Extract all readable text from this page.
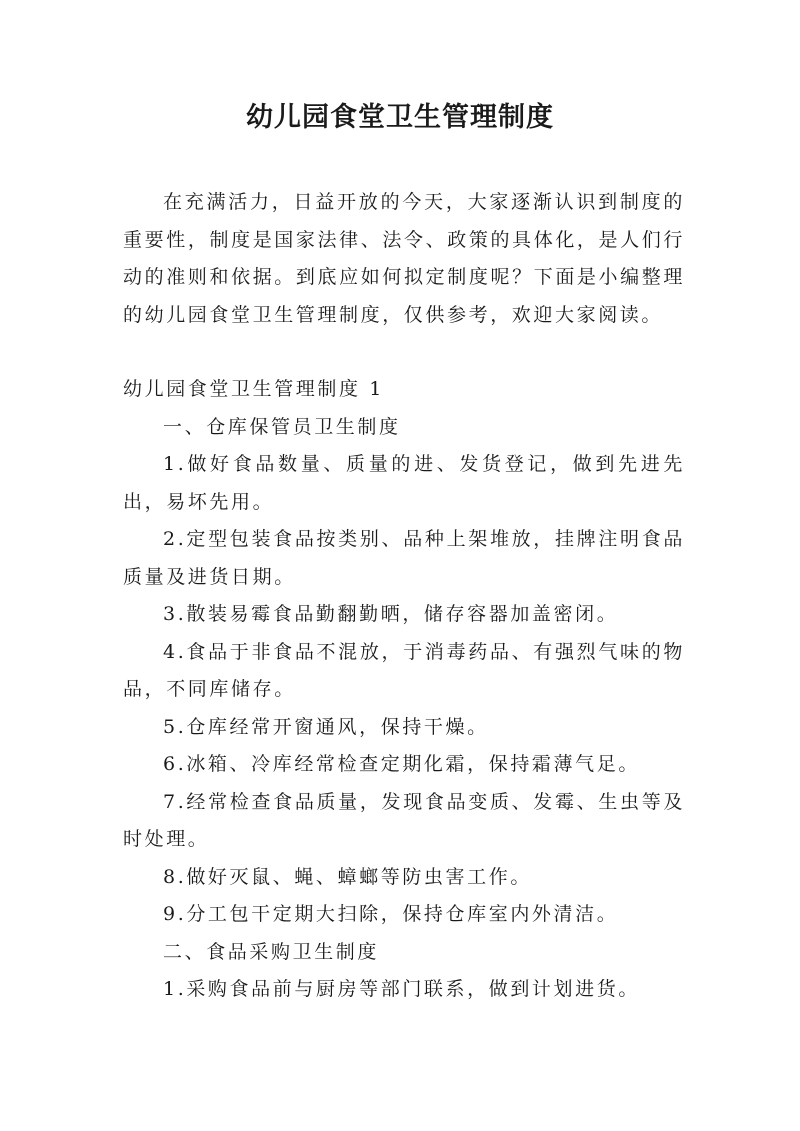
幼儿园食堂卫生管理制度

在充满活力，日益开放的今天，大家逐渐认识到制度的重要性，制度是国家法律、法令、政策的具体化，是人们行动的准则和依据。到底应如何拟定制度呢？下面是小编整理的幼儿园食堂卫生管理制度，仅供参考，欢迎大家阅读。

幼儿园食堂卫生管理制度 1

一、仓库保管员卫生制度

1.做好食品数量、质量的进、发货登记，做到先进先出，易坏先用。

2.定型包装食品按类别、品种上架堆放，挂牌注明食品质量及进货日期。

3.散装易霉食品勤翻勤晒，储存容器加盖密闭。

4.食品于非食品不混放，于消毒药品、有强烈气味的物品，不同库储存。

5.仓库经常开窗通风，保持干燥。

6.冰箱、冷库经常检查定期化霜，保持霜薄气足。

7.经常检查食品质量，发现食品变质、发霉、生虫等及时处理。

8.做好灭鼠、蝇、蟑螂等防虫害工作。

9.分工包干定期大扫除，保持仓库室内外清洁。

二、食品采购卫生制度

1.采购食品前与厨房等部门联系，做到计划进货。
